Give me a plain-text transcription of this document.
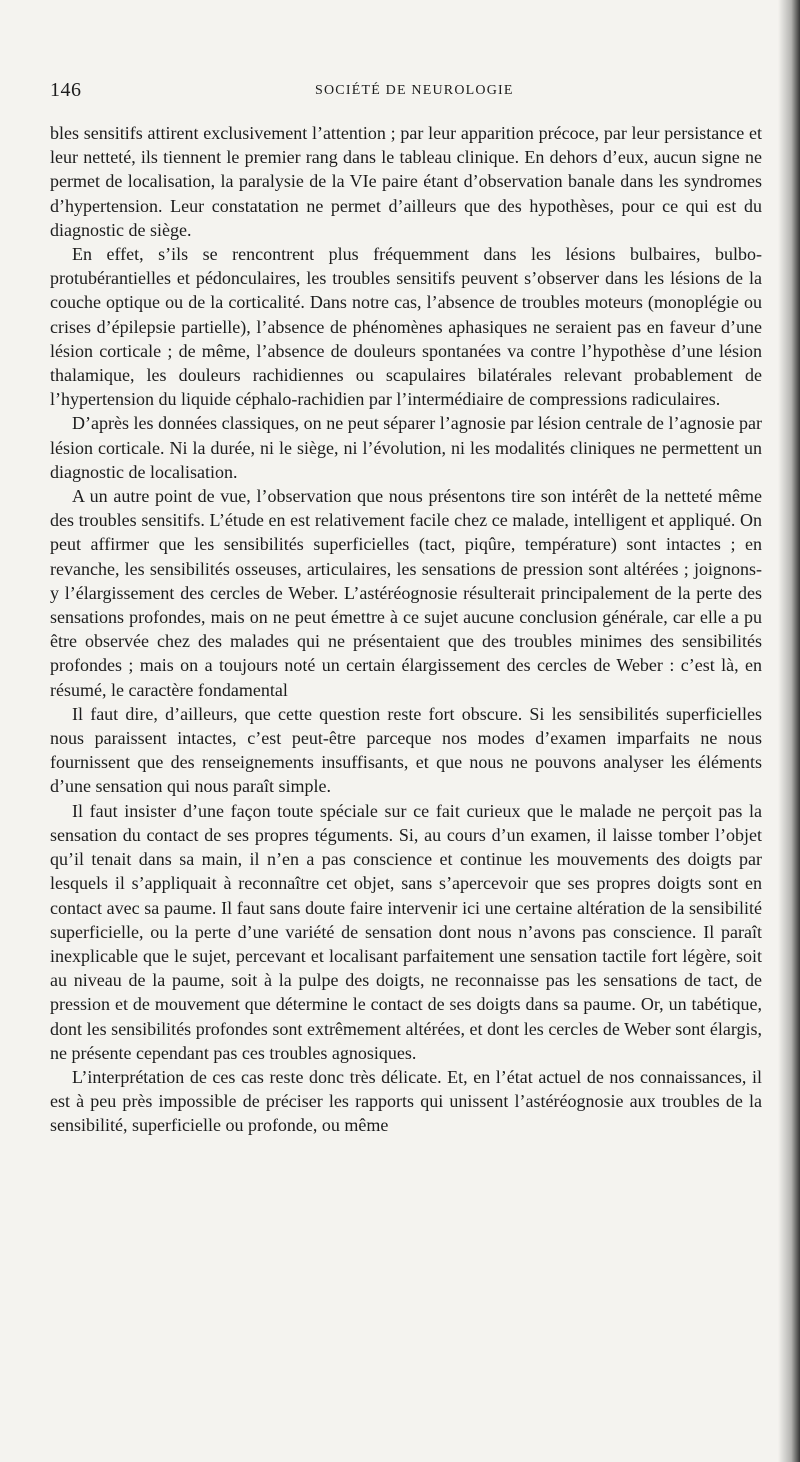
146	SOCIÉTÉ DE NEUROLOGIE

bles sensitifs attirent exclusivement l’attention ; par leur apparition précoce, par leur persistance et leur netteté, ils tiennent le premier rang dans le tableau clinique. En dehors d’eux, aucun signe ne permet de localisation, la paralysie de la VIe paire étant d’observation banale dans les syndromes d’hypertension. Leur constatation ne permet d’ailleurs que des hypothèses, pour ce qui est du diagnostic de siège.

En effet, s’ils se rencontrent plus fréquemment dans les lésions bulbaires, bulbo-protubérantielles et pédonculaires, les troubles sensitifs peuvent s’observer dans les lésions de la couche optique ou de la corticalité. Dans notre cas, l’absence de troubles moteurs (monoplégie ou crises d’épilepsie partielle), l’absence de phénomènes aphasiques ne seraient pas en faveur d’une lésion corticale ; de même, l’absence de douleurs spontanées va contre l’hypothèse d’une lésion thalamique, les douleurs rachidiennes ou scapulaires bilatérales relevant probablement de l’hypertension du liquide céphalo-rachidien par l’intermédiaire de compressions radiculaires.

D’après les données classiques, on ne peut séparer l’agnosie par lésion centrale de l’agnosie par lésion corticale. Ni la durée, ni le siège, ni l’évolution, ni les modalités cliniques ne permettent un diagnostic de localisation.

A un autre point de vue, l’observation que nous présentons tire son intérêt de la netteté même des troubles sensitifs. L’étude en est relativement facile chez ce malade, intelligent et appliqué. On peut affirmer que les sensibilités superficielles (tact, piqûre, température) sont intactes ; en revanche, les sensibilités osseuses, articulaires, les sensations de pression sont altérées ; joignons-y l’élargissement des cercles de Weber. L’astéréognosie résulterait principalement de la perte des sensations profondes, mais on ne peut émettre à ce sujet aucune conclusion générale, car elle a pu être observée chez des malades qui ne présentaient que des troubles minimes des sensibilités profondes ; mais on a toujours noté un certain élargissement des cercles de Weber : c’est là, en résumé, le caractère fondamental

Il faut dire, d’ailleurs, que cette question reste fort obscure. Si les sensibilités superficielles nous paraissent intactes, c’est peut-être parceque nos modes d’examen imparfaits ne nous fournissent que des renseignements insuffisants, et que nous ne pouvons analyser les éléments d’une sensation qui nous paraît simple.

Il faut insister d’une façon toute spéciale sur ce fait curieux que le malade ne perçoit pas la sensation du contact de ses propres téguments. Si, au cours d’un examen, il laisse tomber l’objet qu’il tenait dans sa main, il n’en a pas conscience et continue les mouvements des doigts par lesquels il s’appliquait à reconnaître cet objet, sans s’apercevoir que ses propres doigts sont en contact avec sa paume. Il faut sans doute faire intervenir ici une certaine altération de la sensibilité superficielle, ou la perte d’une variété de sensation dont nous n’avons pas conscience. Il paraît inexplicable que le sujet, percevant et localisant parfaitement une sensation tactile fort légère, soit au niveau de la paume, soit à la pulpe des doigts, ne reconnaisse pas les sensations de tact, de pression et de mouvement que détermine le contact de ses doigts dans sa paume. Or, un tabétique, dont les sensibilités profondes sont extrêmement altérées, et dont les cercles de Weber sont élargis, ne présente cependant pas ces troubles agnosiques.

L’interprétation de ces cas reste donc très délicate. Et, en l’état actuel de nos connaissances, il est à peu près impossible de préciser les rapports qui unissent l’astéréognosie aux troubles de la sensibilité, superficielle ou profonde, ou même
